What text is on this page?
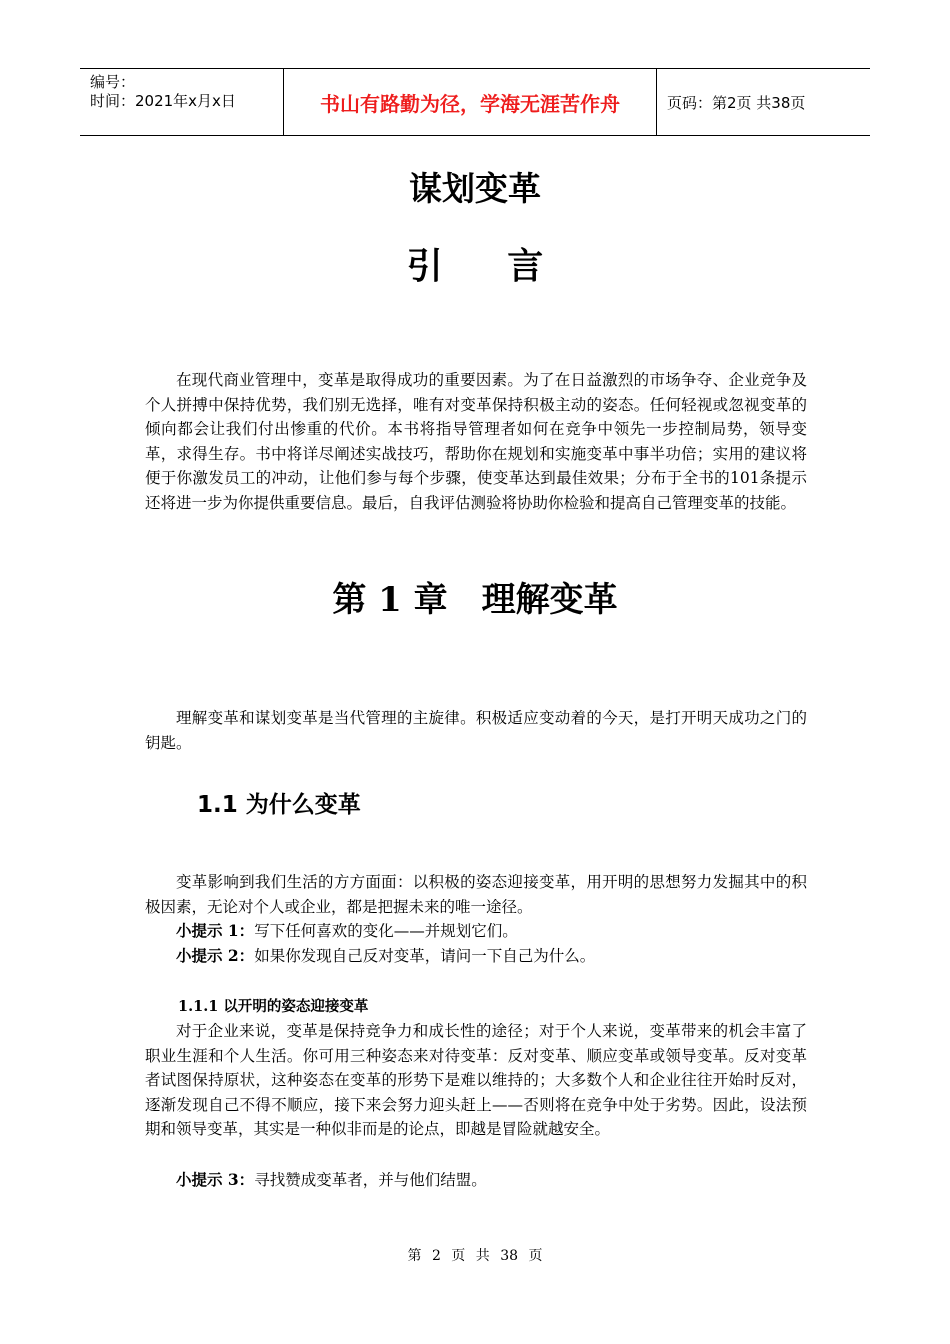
编号：
时间：2021年x月x日	书山有路勤为径，学海无涯苦作舟	页码：第2页 共38页
谋划变革
引 言

在现代商业管理中，变革是取得成功的重要因素。为了在日益激烈的市场争夺、企业竞争及个人拼搏中保持优势，我们别无选择，唯有对变革保持积极主动的姿态。任何轻视或忽视变革的倾向都会让我们付出惨重的代价。本书将指导管理者如何在竞争中领先一步控制局势，领导变革，求得生存。书中将详尽阐述实战技巧，帮助你在规划和实施变革中事半功倍；实用的建议将便于你激发员工的冲动，让他们参与每个步骤，使变革达到最佳效果；分布于全书的101条提示还将进一步为你提供重要信息。最后，自我评估测验将协助你检验和提高自己管理变革的技能。

第 1 章　理解变革

理解变革和谋划变革是当代管理的主旋律。积极适应变动着的今天，是打开明天成功之门的钥匙。

1.1 为什么变革

变革影响到我们生活的方方面面：以积极的姿态迎接变革，用开明的思想努力发掘其中的积极因素，无论对个人或企业，都是把握未来的唯一途径。

小提示 1：写下任何喜欢的变化——并规划它们。

小提示 2：如果你发现自己反对变革，请问一下自己为什么。

1.1.1 以开明的姿态迎接变革

对于企业来说，变革是保持竞争力和成长性的途径；对于个人来说，变革带来的机会丰富了职业生涯和个人生活。你可用三种姿态来对待变革：反对变革、顺应变革或领导变革。反对变革者试图保持原状，这种姿态在变革的形势下是难以维持的；大多数个人和企业往往开始时反对，逐渐发现自己不得不顺应，接下来会努力迎头赶上——否则将在竞争中处于劣势。因此，设法预期和领导变革，其实是一种似非而是的论点，即越是冒险就越安全。

小提示 3：寻找赞成变革者，并与他们结盟。

第 2 页 共 38 页
